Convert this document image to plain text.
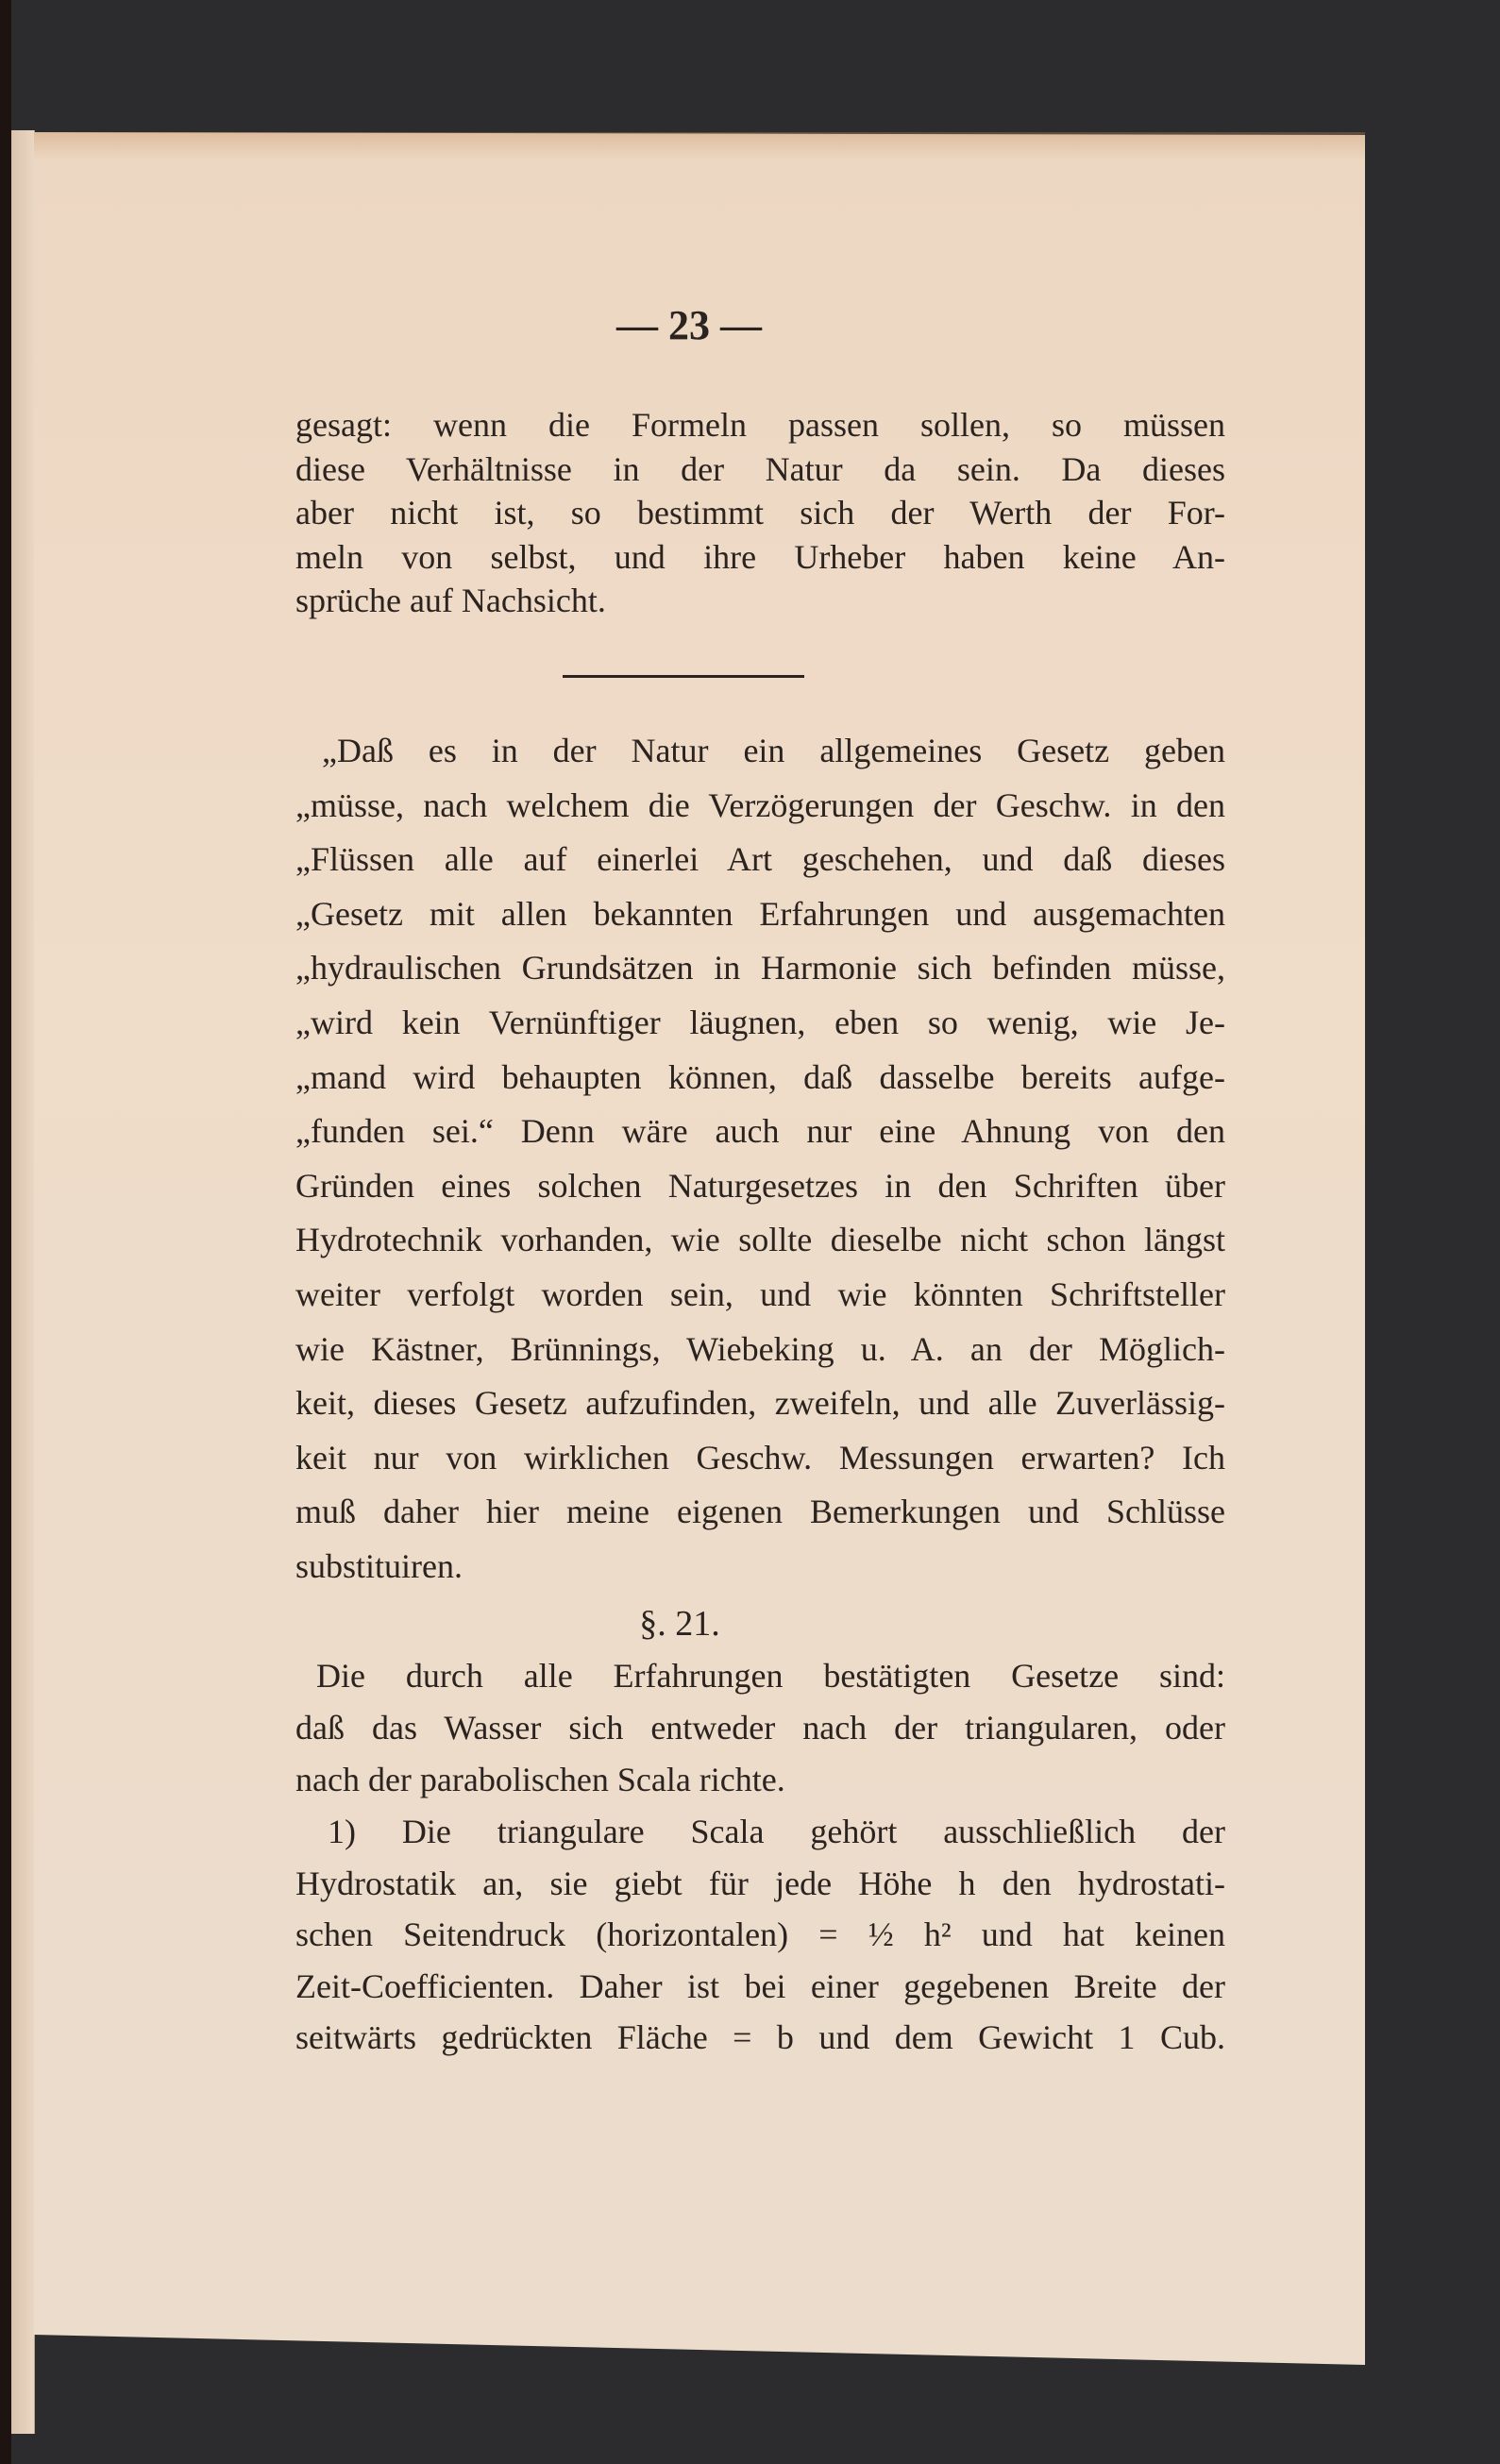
— 23 —
§. 21.
gesagt: wenn die Formeln passen sollen, so müssen
diese Verhältnisse in der Natur da sein. Da dieses
aber nicht ist, so bestimmt sich der Werth der For-
meln von selbst, und ihre Urheber haben keine An-
sprüche auf Nachsicht.
„Daß es in der Natur ein allgemeines Gesetz geben
„müsse, nach welchem die Verzögerungen der Geschw. in den
„Flüssen alle auf einerlei Art geschehen, und daß dieses
„Gesetz mit allen bekannten Erfahrungen und ausgemachten
„hydraulischen Grundsätzen in Harmonie sich befinden müsse,
„wird kein Vernünftiger läugnen, eben so wenig, wie Je-
„mand wird behaupten können, daß dasselbe bereits aufge-
„funden sei.“ Denn wäre auch nur eine Ahnung von den
Gründen eines solchen Naturgesetzes in den Schriften über
Hydrotechnik vorhanden, wie sollte dieselbe nicht schon längst
weiter verfolgt worden sein, und wie könnten Schriftsteller
wie Kästner, Brünnings, Wiebeking u. A. an der Möglich-
keit, dieses Gesetz aufzufinden, zweifeln, und alle Zuverlässig-
keit nur von wirklichen Geschw. Messungen erwarten? Ich
muß daher hier meine eigenen Bemerkungen und Schlüsse
substituiren.
Die durch alle Erfahrungen bestätigten Gesetze sind:
daß das Wasser sich entweder nach der triangularen, oder
nach der parabolischen Scala richte.
1) Die triangulare Scala gehört ausschließlich der
Hydrostatik an, sie giebt für jede Höhe h den hydrostati-
schen Seitendruck (horizontalen) = ½ h² und hat keinen
Zeit-Coefficienten. Daher ist bei einer gegebenen Breite der
seitwärts gedrückten Fläche = b und dem Gewicht 1 Cub.
